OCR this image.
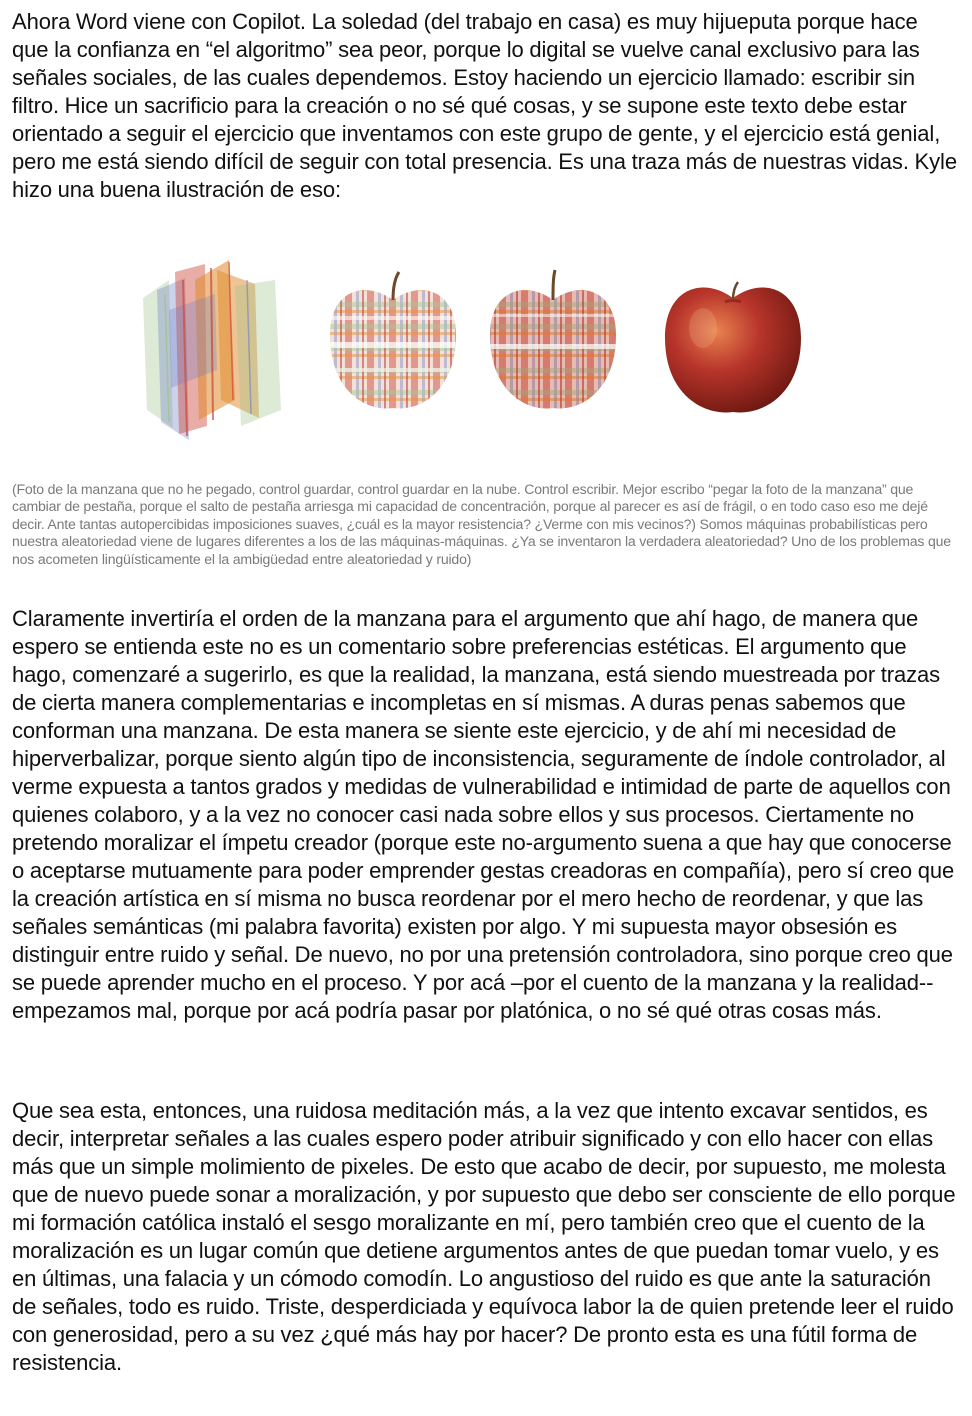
Ahora Word viene con Copilot. La soledad (del trabajo en casa) es muy hijueputa porque hace que la confianza en “el algoritmo” sea peor, porque lo digital se vuelve canal exclusivo para las señales sociales, de las cuales dependemos. Estoy haciendo un ejercicio llamado: escribir sin filtro. Hice un sacrificio para la creación o no sé qué cosas, y se supone este texto debe estar orientado a seguir el ejercicio que inventamos con este grupo de gente, y el ejercicio está genial, pero me está siendo difícil de seguir con total presencia. Es una traza más de nuestras vidas. Kyle hizo una buena ilustración de eso:

(Foto de la manzana que no he pegado, control guardar, control guardar en la nube. Control escribir. Mejor escribo “pegar la foto de la manzana” que cambiar de pestaña, porque el salto de pestaña arriesga mi capacidad de concentración, porque al parecer es así de frágil, o en todo caso eso me dejé decir. Ante tantas autopercibidas imposiciones suaves, ¿cuál es la mayor resistencia? ¿Verme con mis vecinos?) Somos máquinas probabilísticas pero nuestra aleatoriedad viene de lugares diferentes a los de las máquinas-máquinas. ¿Ya se inventaron la verdadera aleatoriedad? Uno de los problemas que nos acometen lingüísticamente el la ambigüedad entre aleatoriedad y ruido)

Claramente invertiría el orden de la manzana para el argumento que ahí hago, de manera que espero se entienda este no es un comentario sobre preferencias estéticas. El argumento que hago, comenzaré a sugerirlo, es que la realidad, la manzana, está siendo muestreada por trazas de cierta manera complementarias e incompletas en sí mismas. A duras penas sabemos que conforman una manzana. De esta manera se siente este ejercicio, y de ahí mi necesidad de hiperverbalizar, porque siento algún tipo de inconsistencia, seguramente de índole controlador, al verme expuesta a tantos grados y medidas de vulnerabilidad e intimidad de parte de aquellos con quienes colaboro, y a la vez no conocer casi nada sobre ellos y sus procesos. Ciertamente no pretendo moralizar el ímpetu creador (porque este no-argumento suena a que hay que conocerse o aceptarse mutuamente para poder emprender gestas creadoras en compañía), pero sí creo que la creación artística en sí misma no busca reordenar por el mero hecho de reordenar, y que las señales semánticas (mi palabra favorita) existen por algo. Y mi supuesta mayor obsesión es distinguir entre ruido y señal. De nuevo, no por una pretensión controladora, sino porque creo que se puede aprender mucho en el proceso. Y por acá –por el cuento de la manzana y la realidad-- empezamos mal, porque por acá podría pasar por platónica, o no sé qué otras cosas más.

Que sea esta, entonces, una ruidosa meditación más, a la vez que intento excavar sentidos, es decir, interpretar señales a las cuales espero poder atribuir significado y con ello hacer con ellas más que un simple molimiento de pixeles. De esto que acabo de decir, por supuesto, me molesta que de nuevo puede sonar a moralización, y por supuesto que debo ser consciente de ello porque mi formación católica instaló el sesgo moralizante en mí, pero también creo que el cuento de la moralización es un lugar común que detiene argumentos antes de que puedan tomar vuelo, y es en últimas, una falacia y un cómodo comodín. Lo angustioso del ruido es que ante la saturación de señales, todo es ruido. Triste, desperdiciada y equívoca labor la de quien pretende leer el ruido con generosidad, pero a su vez ¿qué más hay por hacer? De pronto esta es una fútil forma de resistencia.
